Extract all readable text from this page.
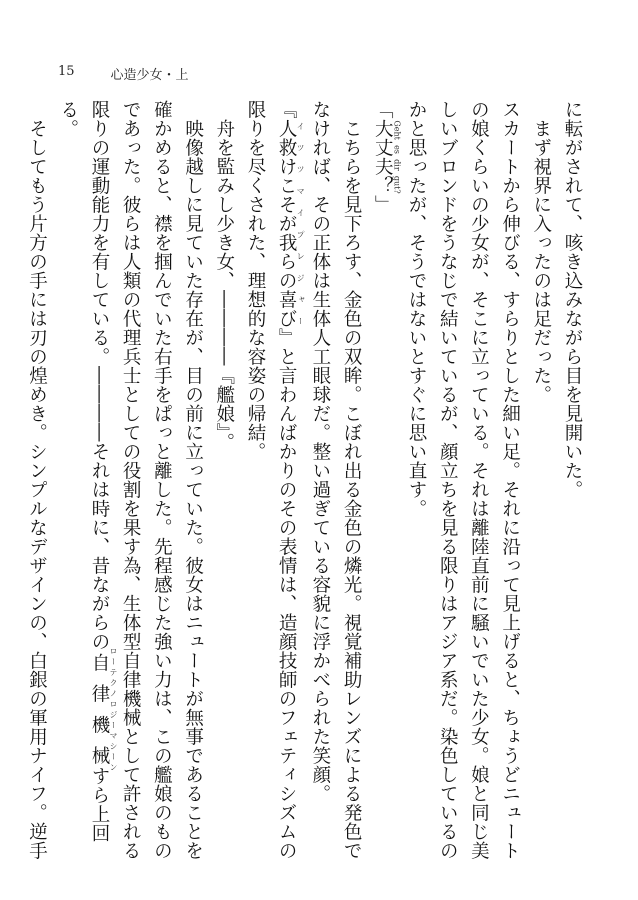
15	心造少女・上

に転がされて、咳き込みながら目を見開いた。

まず視界に入ったのは足だった。

スカートから伸びる、すらりとした細い足。それに沿って見上げると、ちょうどニュートの娘くらいの少女が、そこに立っている。それは離陸直前に騒いでいた少女。娘と同じ美しいブロンドをうなじで結いているが、顔立ちを見る限りはアジア系だ。染色しているのかと思ったが、そうではないとすぐに思い直す。

「大丈夫？ Geht es dir gut?」

こちらを見下ろす、金色の双眸。こぼれ出る金色の燐光。視覚補助レンズによる発色でなければ、その正体は生体人工眼球だ。整い過ぎている容貌に浮かべられた笑顔。

『人救けこそが我らの喜び イ ツ ツ マ イ プ レ ジ ャ ー』と言わんばかりのその表情は、造顔技師のフェティシズムの限りを尽くされた、理想的な容姿の帰結。

舟を監みし少き女、――――『艦娘』。

映像越しに見ていた存在が、目の前に立っていた。彼女はニュートが無事であることを確かめると、襟を掴んでいた右手をぱっと離した。先程感じた強い力は、この艦娘のものであった。彼らは人類の代理兵士としての役割を果す為、生体型自律機械として許される限りの運動能力を有している。――――それは時に、昔ながらの自律機械 ロ ー テ ク ノ ロ ジ ー マ シ ー ンすら上回る。

そしてもう片方の手には刃の煌めき。シンプルなデザインの、白銀の軍用ナイフ。逆手
